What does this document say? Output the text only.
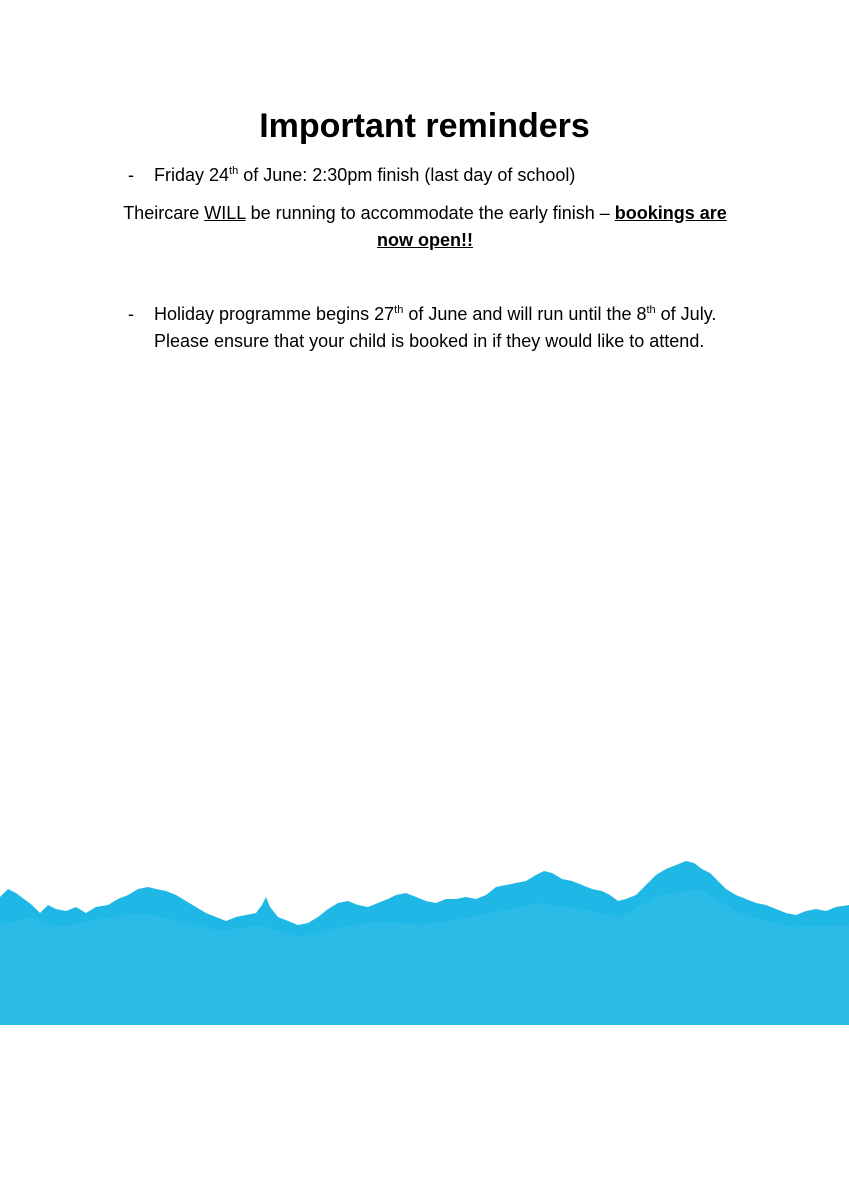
Important reminders
- Friday 24th of June: 2:30pm finish (last day of school)
Theircare WILL be running to accommodate the early finish – bookings are
now open!!
- Holiday programme begins 27th of June and will run until the 8th of July.
Please ensure that your child is booked in if they would like to attend.
